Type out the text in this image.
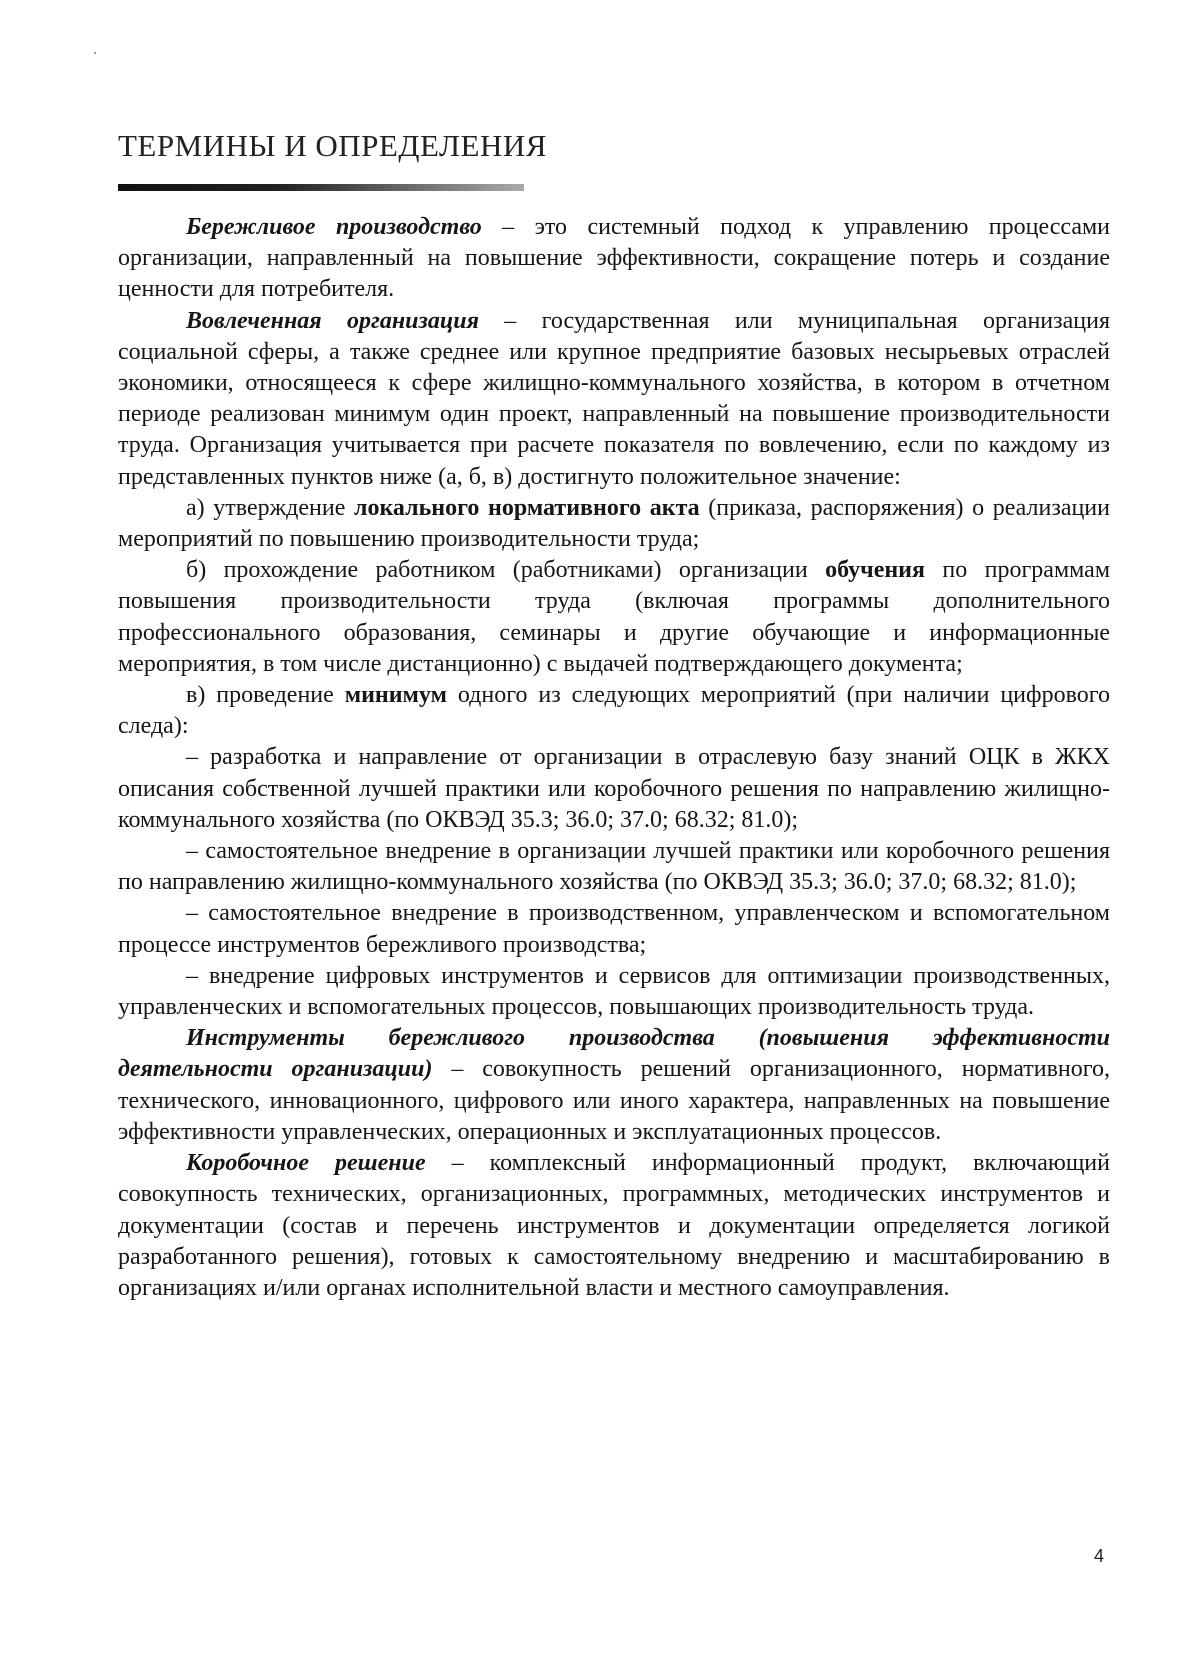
ТЕРМИНЫ И ОПРЕДЕЛЕНИЯ

Бережливое производство – это системный подход к управлению процессами организации, направленный на повышение эффективности, сокращение потерь и создание ценности для потребителя.

Вовлеченная организация – государственная или муниципальная организация социальной сферы, а также среднее или крупное предприятие базовых несырьевых отраслей экономики, относящееся к сфере жилищно-коммунального хозяйства, в котором в отчетном периоде реализован минимум один проект, направленный на повышение производительности труда. Организация учитывается при расчете показателя по вовлечению, если по каждому из представленных пунктов ниже (а, б, в) достигнуто положительное значение:

а) утверждение локального нормативного акта (приказа, распоряжения) о реализации мероприятий по повышению производительности труда;

б) прохождение работником (работниками) организации обучения по программам повышения производительности труда (включая программы дополнительного профессионального образования, семинары и другие обучающие и информационные мероприятия, в том числе дистанционно) с выдачей подтверждающего документа;

в) проведение минимум одного из следующих мероприятий (при наличии цифрового следа):

– разработка и направление от организации в отраслевую базу знаний ОЦК в ЖКХ описания собственной лучшей практики или коробочного решения по направлению жилищно-коммунального хозяйства (по ОКВЭД 35.3; 36.0; 37.0; 68.32; 81.0);

– самостоятельное внедрение в организации лучшей практики или коробочного решения по направлению жилищно-коммунального хозяйства (по ОКВЭД 35.3; 36.0; 37.0; 68.32; 81.0);

– самостоятельное внедрение в производственном, управленческом и вспомогательном процессе инструментов бережливого производства;

– внедрение цифровых инструментов и сервисов для оптимизации производственных, управленческих и вспомогательных процессов, повышающих производительность труда.

Инструменты бережливого производства (повышения эффективности деятельности организации) – совокупность решений организационного, нормативного, технического, инновационного, цифрового или иного характера, направленных на повышение эффективности управленческих, операционных и эксплуатационных процессов.

Коробочное решение – комплексный информационный продукт, включающий совокупность технических, организационных, программных, методических инструментов и документации (состав и перечень инструментов и документации определяется логикой разработанного решения), готовых к самостоятельному внедрению и масштабированию в организациях и/или органах исполнительной власти и местного самоуправления.

4
